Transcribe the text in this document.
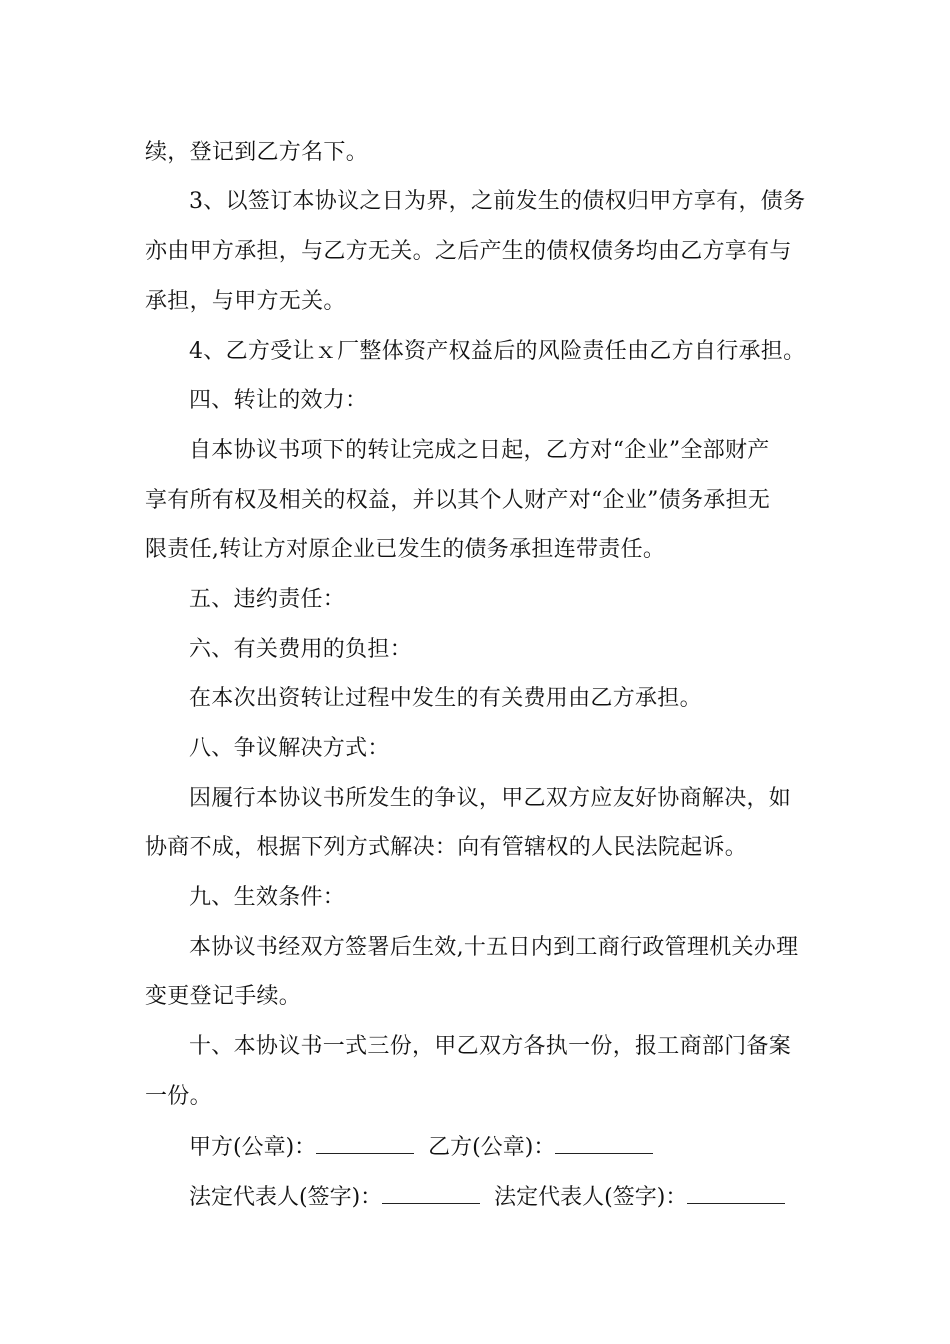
续，登记到乙方名下。
3、以签订本协议之日为界，之前发生的债权归甲方享有，债务
亦由甲方承担，与乙方无关。之后产生的债权债务均由乙方享有与
承担，与甲方无关。
4、乙方受让ｘ厂整体资产权益后的风险责任由乙方自行承担。
四、转让的效力：
自本协议书项下的转让完成之日起，乙方对“企业”全部财产
享有所有权及相关的权益，并以其个人财产对“企业”债务承担无
限责任,转让方对原企业已发生的债务承担连带责任。
五、违约责任：
六、有关费用的负担：
在本次出资转让过程中发生的有关费用由乙方承担。
八、争议解决方式：
因履行本协议书所发生的争议，甲乙双方应友好协商解决，如
协商不成，根据下列方式解决：向有管辖权的人民法院起诉。
九、生效条件：
本协议书经双方签署后生效,十五日内到工商行政管理机关办理
变更登记手续。
十、本协议书一式三份，甲乙双方各执一份，报工商部门备案
一份。
甲方(公章)：	乙方(公章)：
法定代表人(签字)：	法定代表人(签字)：
